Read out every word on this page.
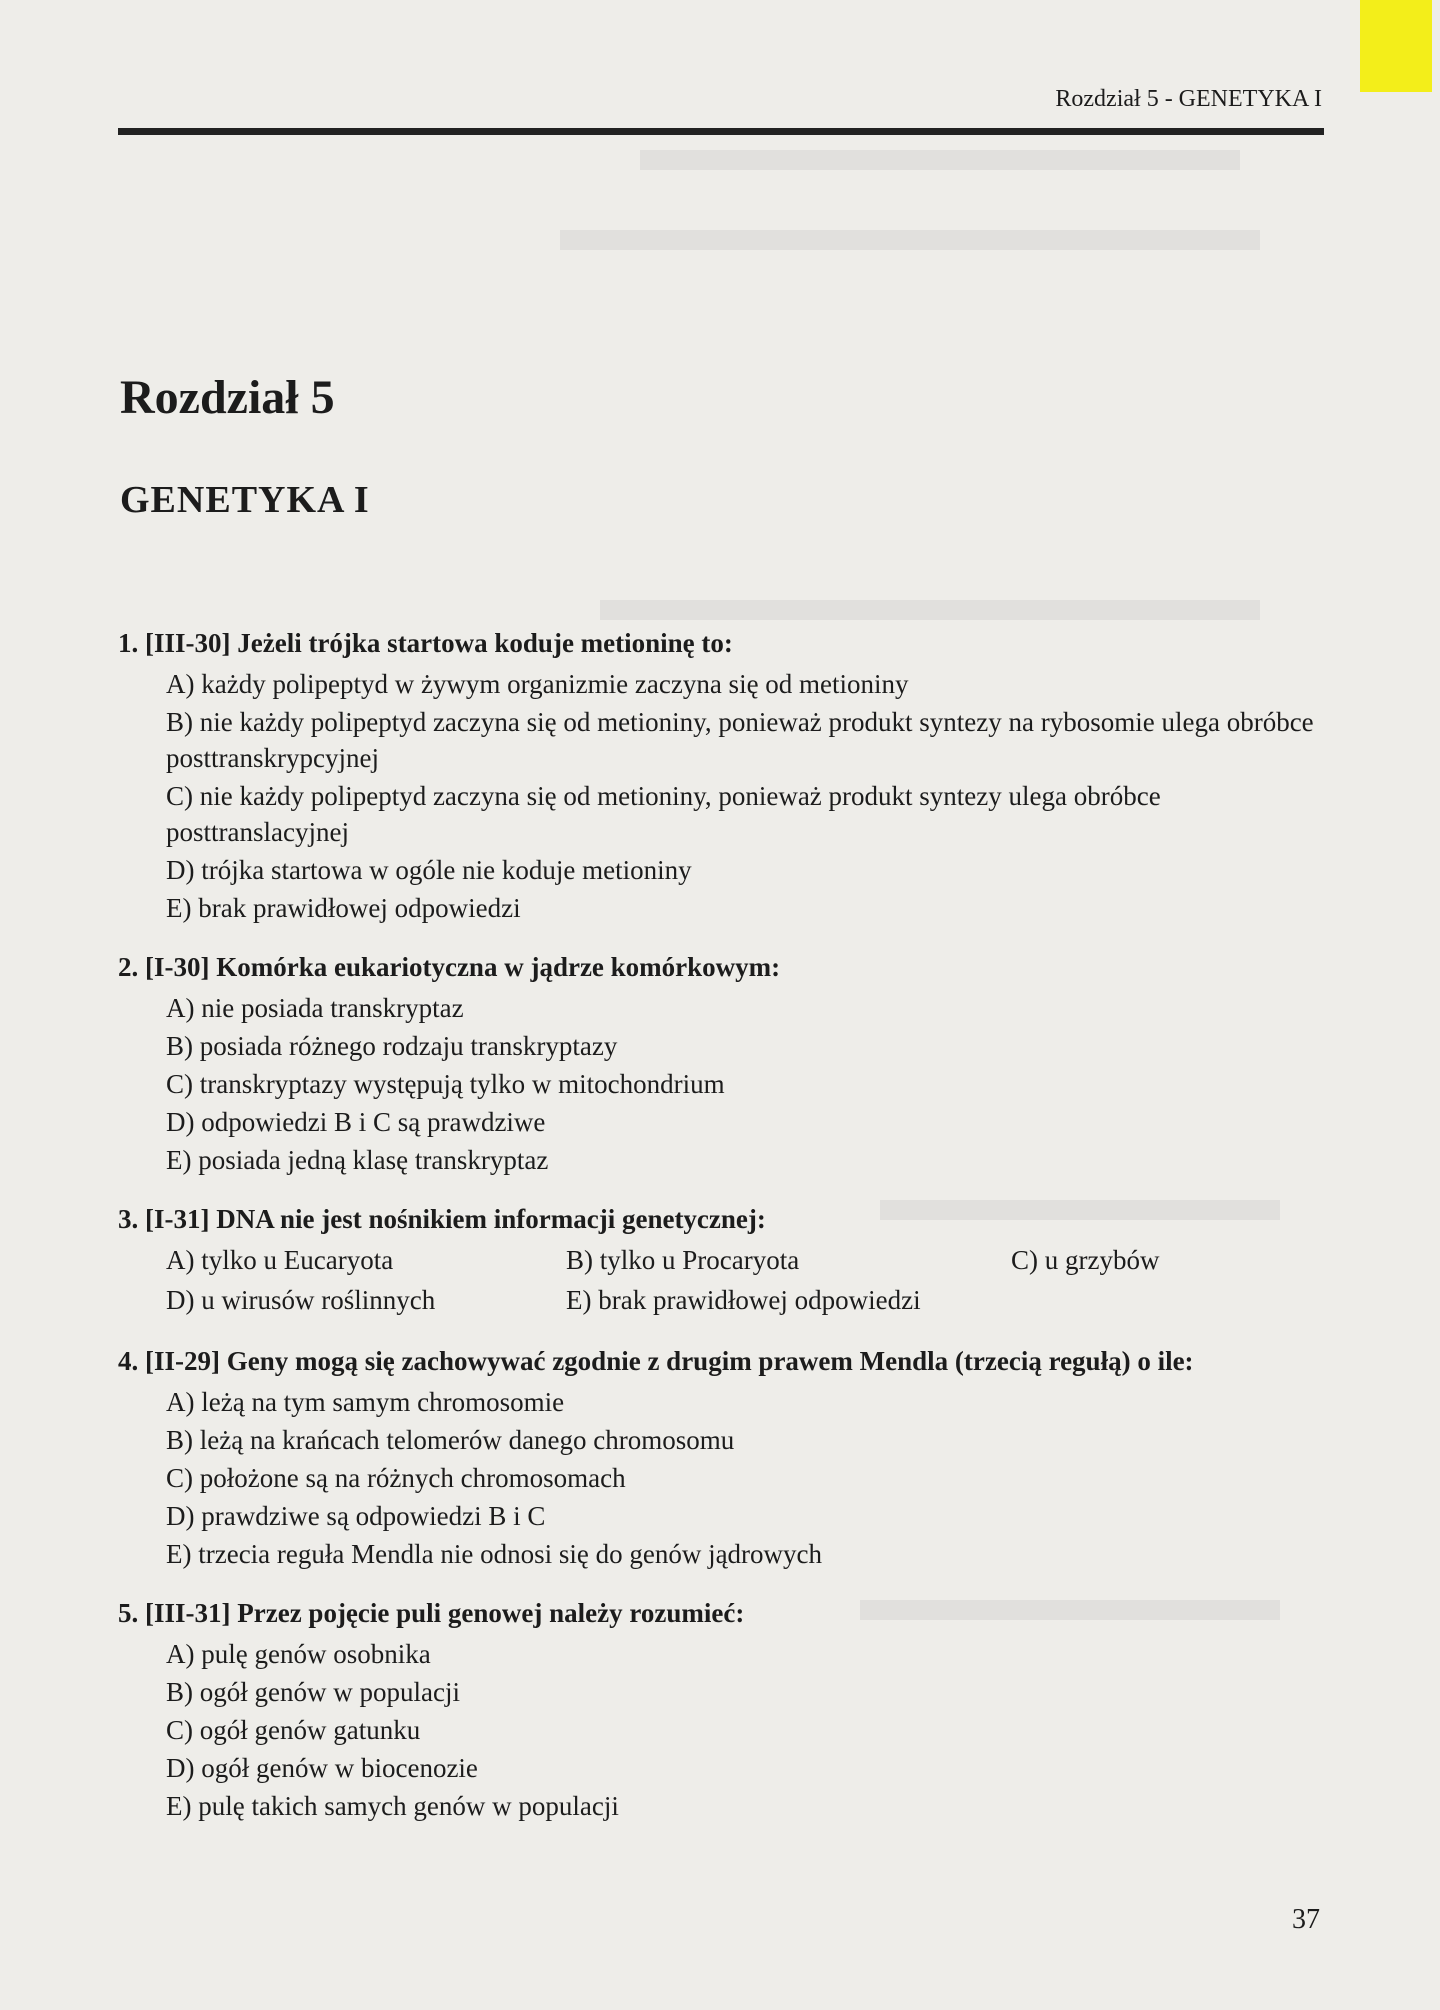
Rozdział 5 - GENETYKA I
Rozdział 5
GENETYKA I
1. [III-30] Jeżeli trójka startowa koduje metioninę to:
A) każdy polipeptyd w żywym organizmie zaczyna się od metioniny
B) nie każdy polipeptyd zaczyna się od metioniny, ponieważ produkt syntezy na rybosomie ulega obróbce posttranskrypcyjnej
C) nie każdy polipeptyd zaczyna się od metioniny, ponieważ produkt syntezy ulega obróbce posttranslacyjnej
D) trójka startowa w ogóle nie koduje metioniny
E) brak prawidłowej odpowiedzi
2. [I-30] Komórka eukariotyczna w jądrze komórkowym:
A) nie posiada transkryptaz
B) posiada różnego rodzaju transkryptazy
C) transkryptazy występują tylko w mitochondrium
D) odpowiedzi B i C są prawdziwe
E) posiada jedną klasę transkryptaz
3. [I-31] DNA nie jest nośnikiem informacji genetycznej:
A) tylko u Eucaryota	B) tylko u Procaryota	C) u grzybów
D) u wirusów roślinnych	E) brak prawidłowej odpowiedzi
4. [II-29] Geny mogą się zachowywać zgodnie z drugim prawem Mendla (trzecią regułą) o ile:
A) leżą na tym samym chromosomie
B) leżą na krańcach telomerów danego chromosomu
C) położone są na różnych chromosomach
D) prawdziwe są odpowiedzi B i C
E) trzecia reguła Mendla nie odnosi się do genów jądrowych
5. [III-31] Przez pojęcie puli genowej należy rozumieć:
A) pulę genów osobnika
B) ogół genów w populacji
C) ogół genów gatunku
D) ogół genów w biocenozie
E) pulę takich samych genów w populacji
37
